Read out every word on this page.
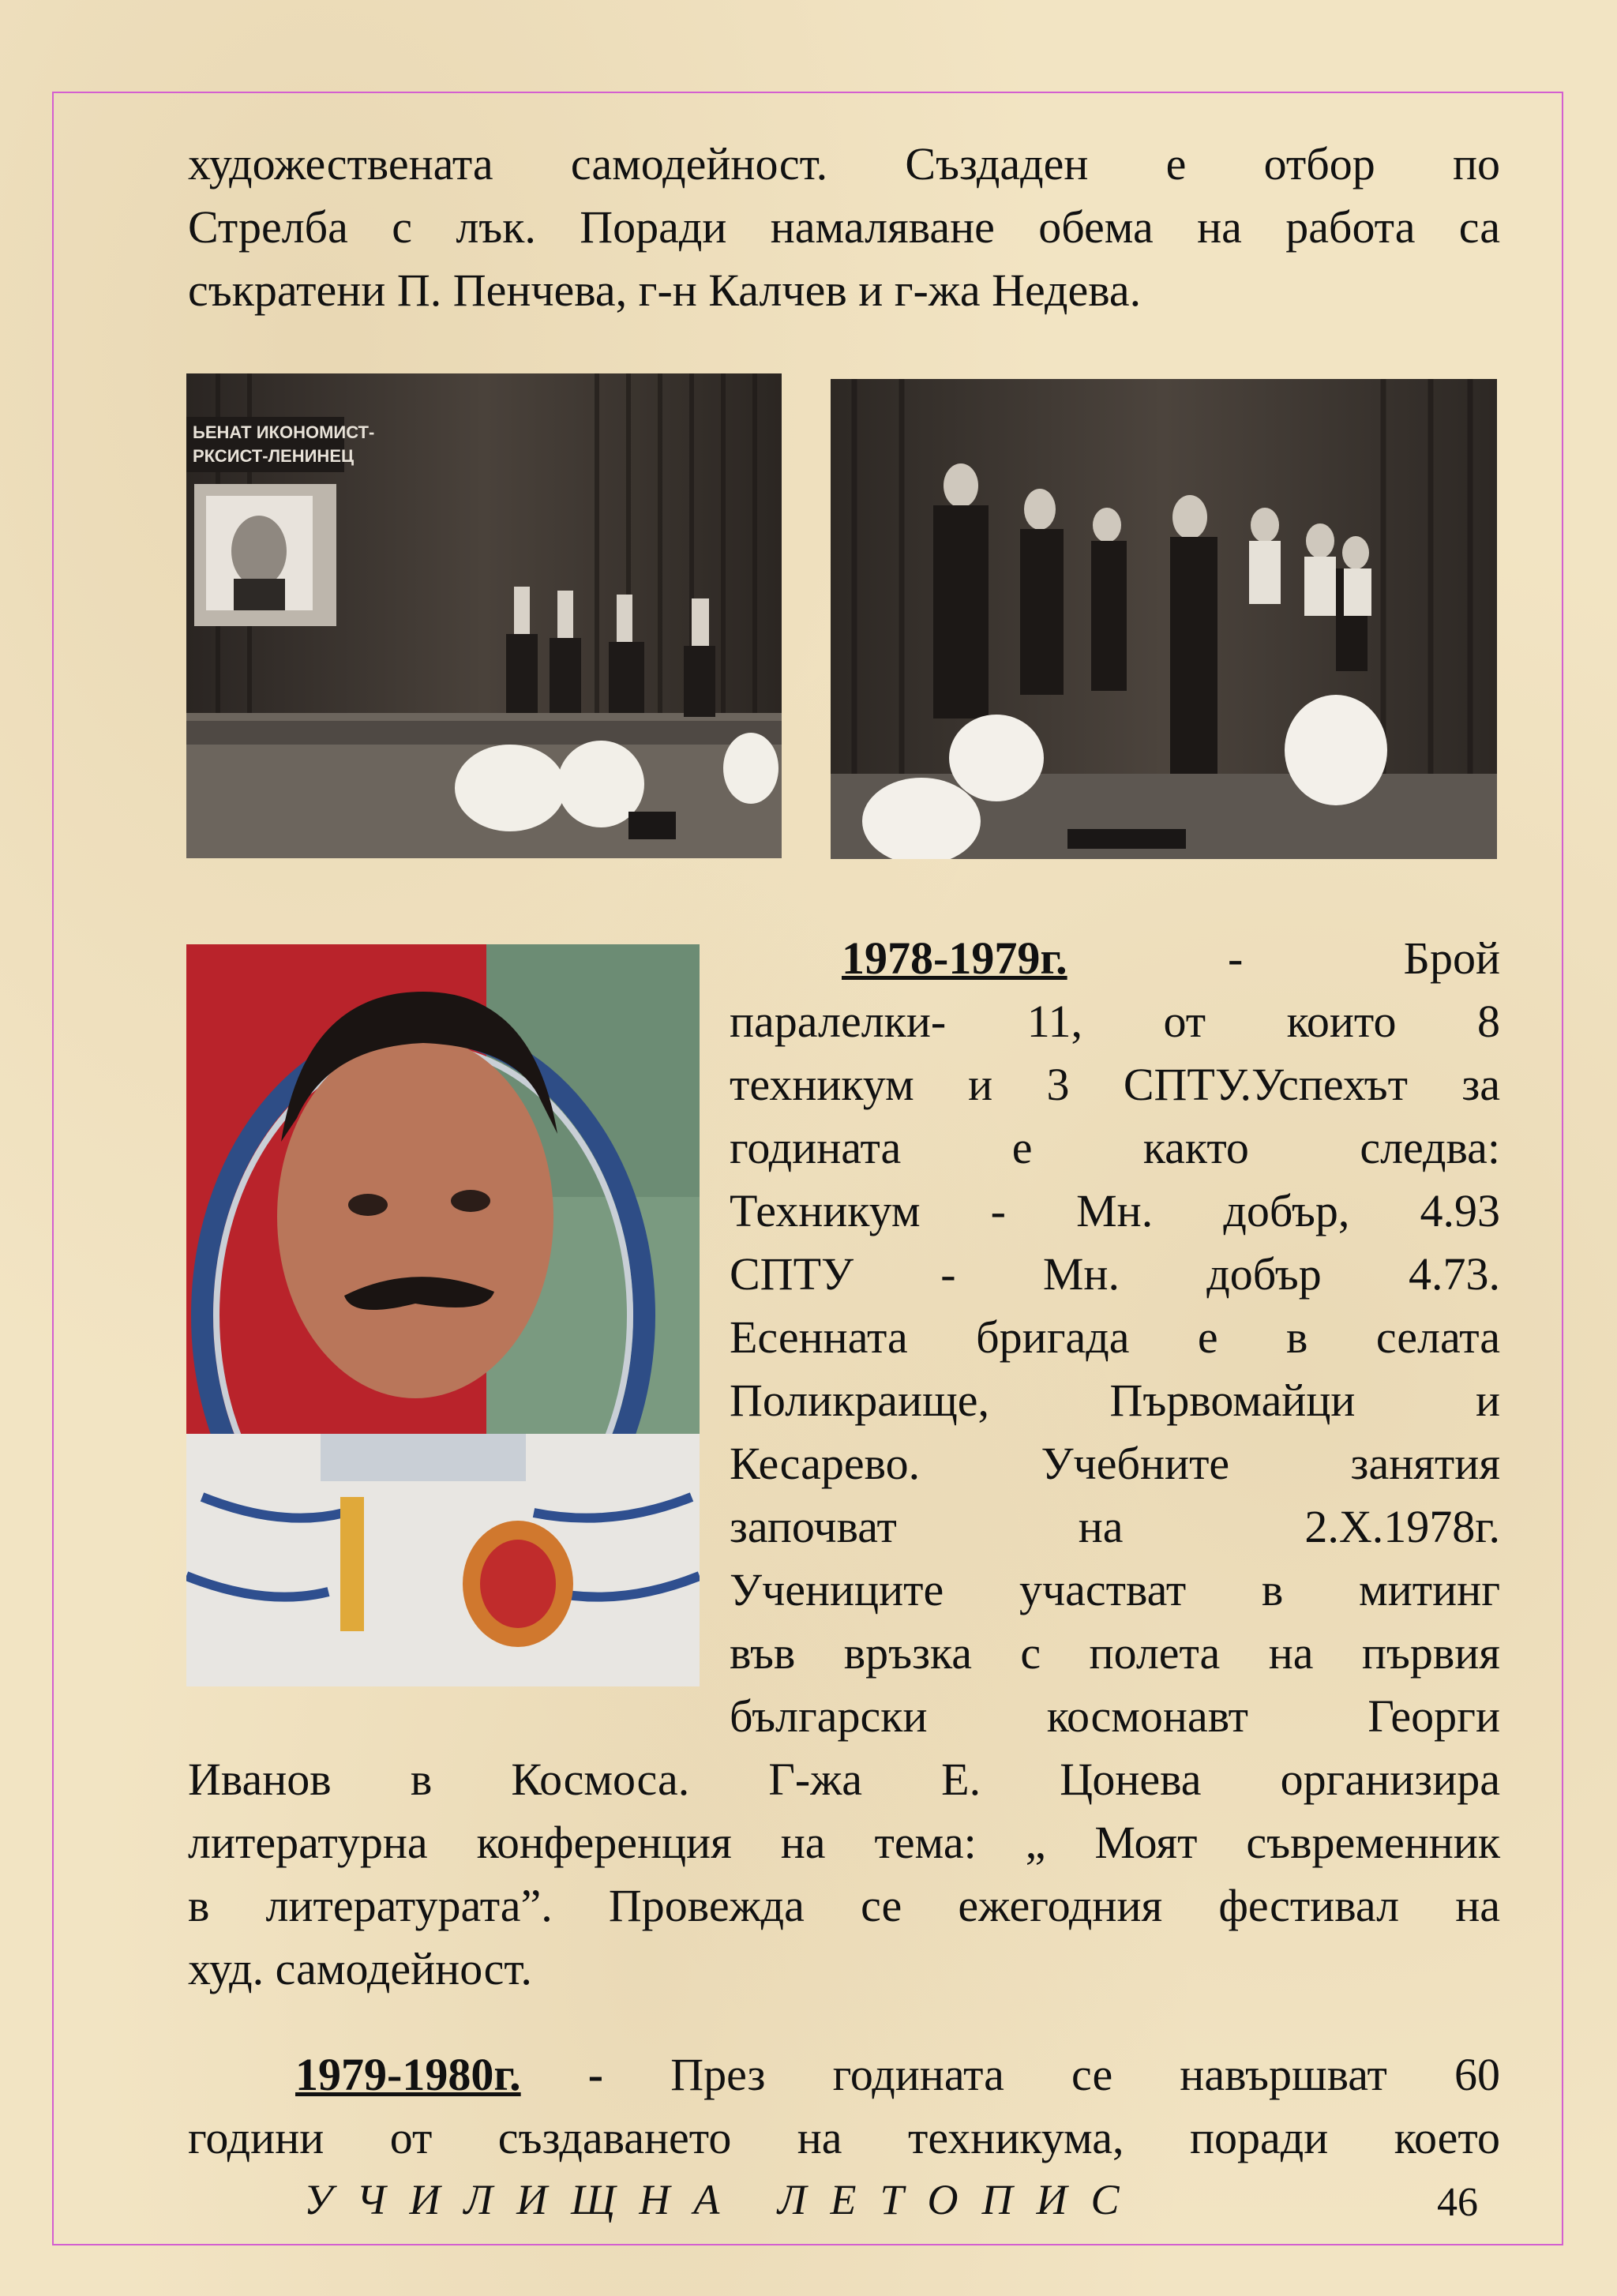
художествената самодейност. Създаден е отбор по
Стрелба с лък. Поради намаляване обема на работа са
съкратени П. Пенчева, г-н Калчев и г-жа Недева.
ЬЕНАТ ИКОНОМИСТ-
РКСИСТ-ЛЕНИНЕЦ
1978-1979г.	- Брой
паралелки- 11, от които 8
техникум и 3 СПТУ.Успехът за
годината е както следва:
Техникум - Мн. добър, 4.93
СПТУ - Мн. добър 4.73.
Есенната бригада е в селата
Поликраище, Първомайци и
Кесарево. Учебните занятия
започват на 2.Х.1978г.
Учениците участват в митинг
във връзка с полета на първия
български космонавт Георги
Иванов в Космоса. Г-жа Е. Цонева организира
литературна конференция на тема: „ Моят съвременник
в литературата”. Провежда се ежегодния фестивал на
худ. самодейност.
1979-1980г. - През годината се навършват 60
години от създаването на техникума, поради което
УЧИЛИЩНА ЛЕТОПИС	46
